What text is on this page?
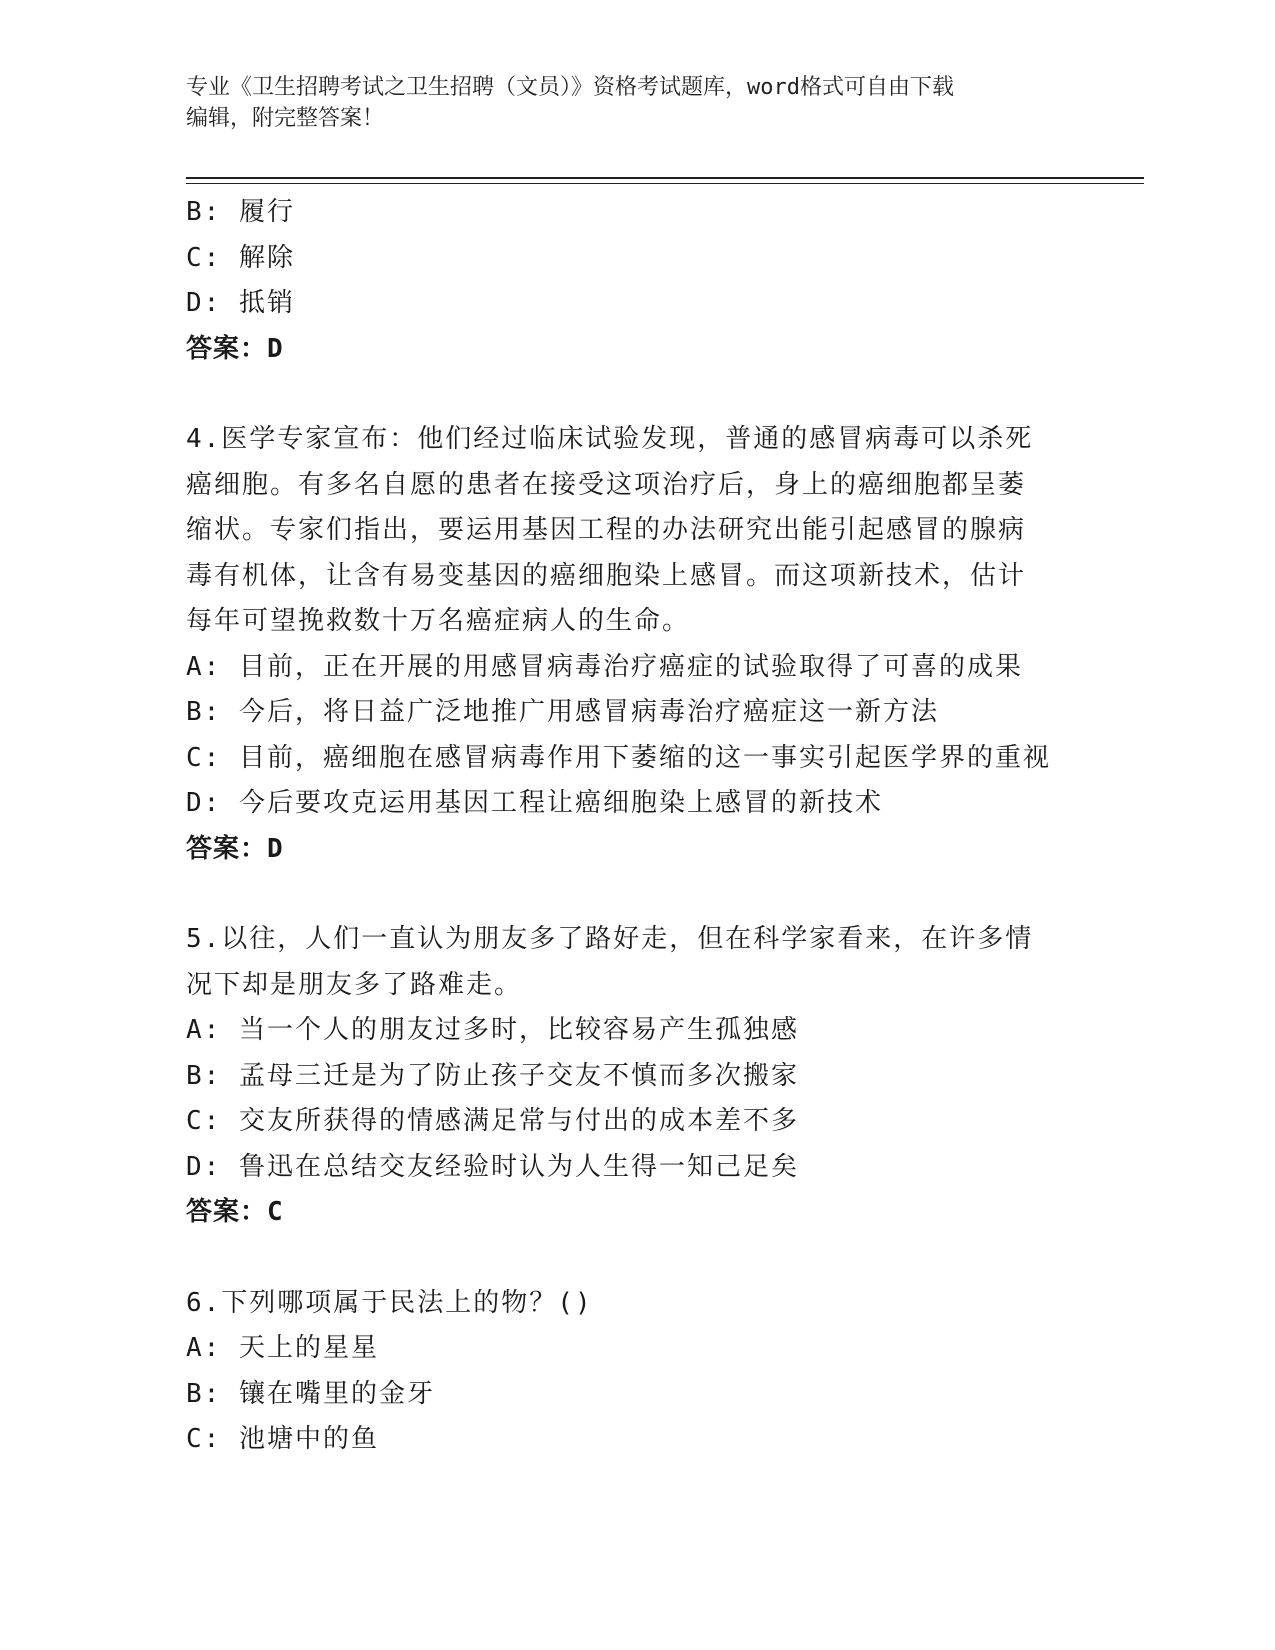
专业《卫生招聘考试之卫生招聘（文员）》资格考试题库，word格式可自由下载
编辑，附完整答案！
B: 履行
C: 解除
D: 抵销
答案：D
4.医学专家宣布：他们经过临床试验发现，普通的感冒病毒可以杀死
癌细胞。有多名自愿的患者在接受这项治疗后，身上的癌细胞都呈萎
缩状。专家们指出，要运用基因工程的办法研究出能引起感冒的腺病
毒有机体，让含有易变基因的癌细胞染上感冒。而这项新技术，估计
每年可望挽救数十万名癌症病人的生命。
A: 目前，正在开展的用感冒病毒治疗癌症的试验取得了可喜的成果
B: 今后，将日益广泛地推广用感冒病毒治疗癌症这一新方法
C: 目前，癌细胞在感冒病毒作用下萎缩的这一事实引起医学界的重视
D: 今后要攻克运用基因工程让癌细胞染上感冒的新技术
答案：D
5.以往，人们一直认为朋友多了路好走，但在科学家看来，在许多情
况下却是朋友多了路难走。
A: 当一个人的朋友过多时，比较容易产生孤独感
B: 孟母三迁是为了防止孩子交友不慎而多次搬家
C: 交友所获得的情感满足常与付出的成本差不多
D: 鲁迅在总结交友经验时认为人生得一知己足矣
答案：C
6.下列哪项属于民法上的物？()
A: 天上的星星
B: 镶在嘴里的金牙
C: 池塘中的鱼
